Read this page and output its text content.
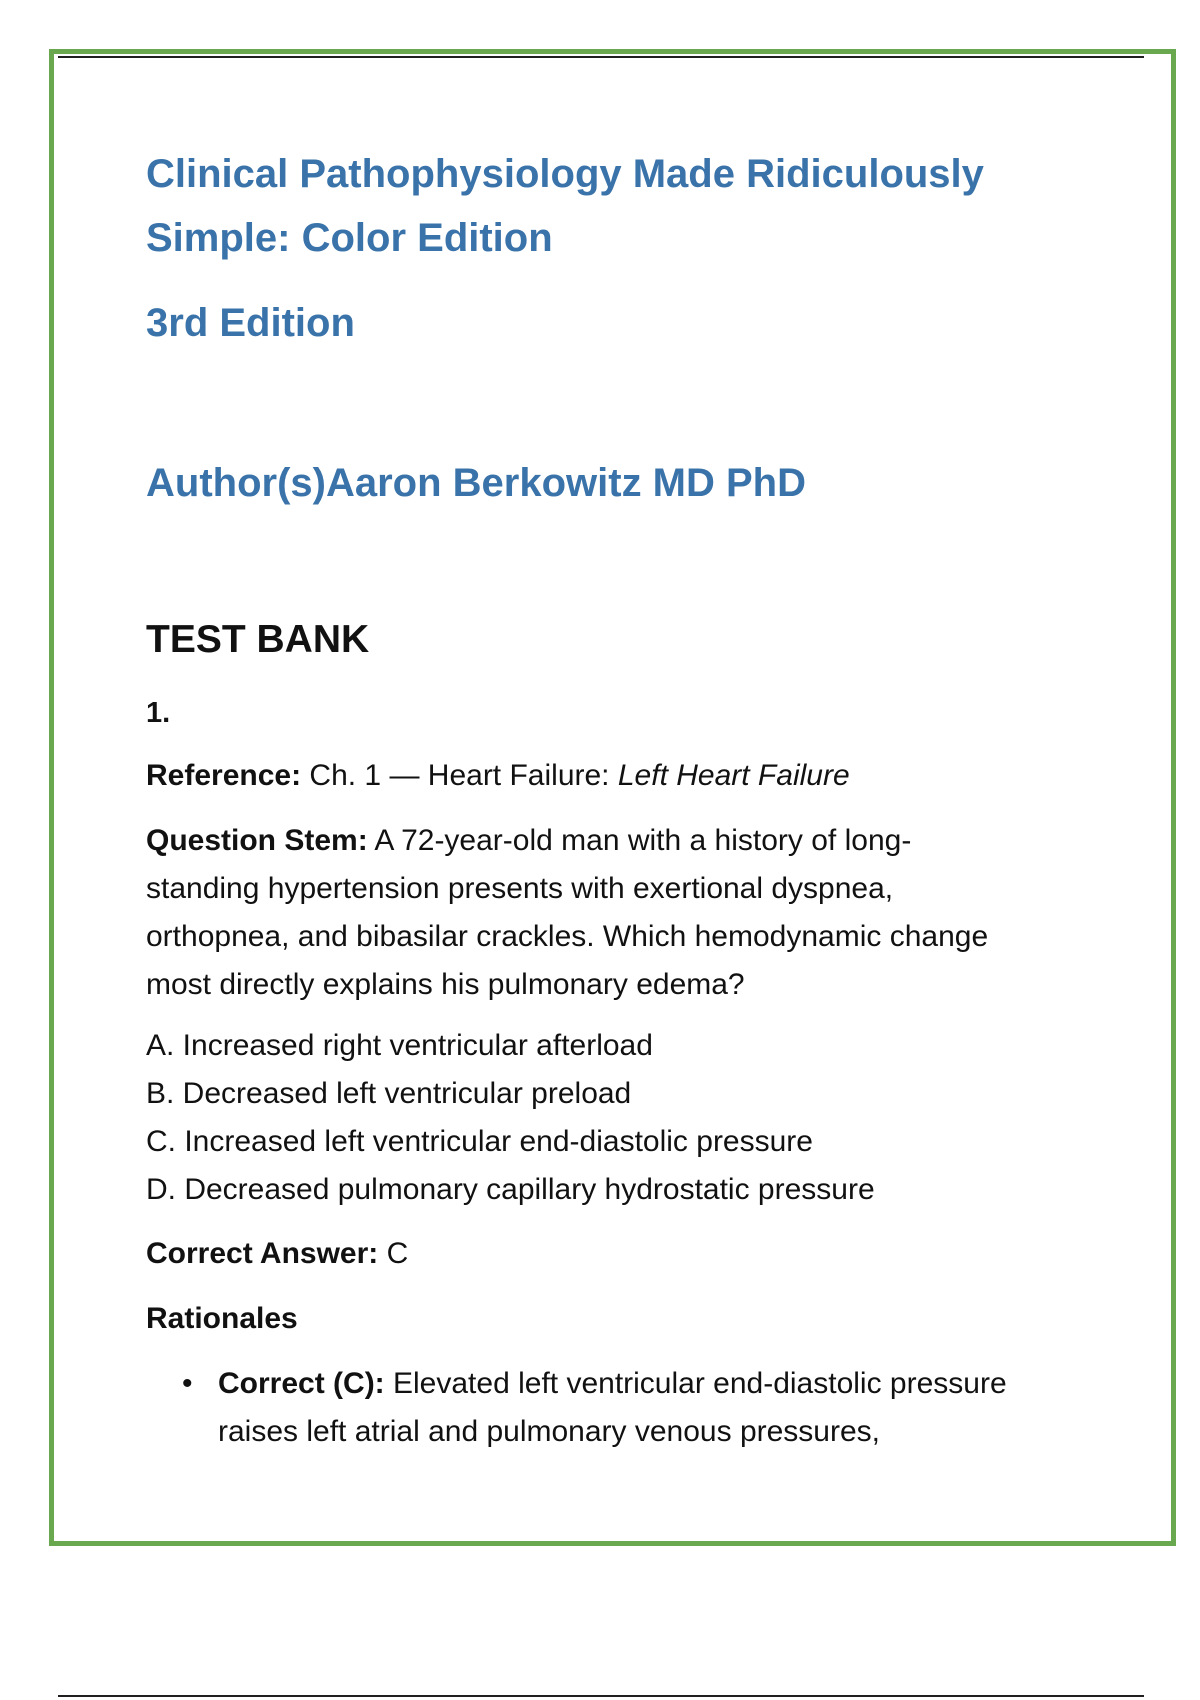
Clinical Pathophysiology Made Ridiculously
Simple: Color Edition
3rd Edition
Author(s)Aaron Berkowitz MD PhD
TEST BANK
1.
Reference: Ch. 1 — Heart Failure: Left Heart Failure
Question Stem: A 72-year-old man with a history of long-
standing hypertension presents with exertional dyspnea,
orthopnea, and bibasilar crackles. Which hemodynamic change
most directly explains his pulmonary edema?
A. Increased right ventricular afterload
B. Decreased left ventricular preload
C. Increased left ventricular end-diastolic pressure
D. Decreased pulmonary capillary hydrostatic pressure
Correct Answer: C
Rationales
• Correct (C): Elevated left ventricular end-diastolic pressure
raises left atrial and pulmonary venous pressures,
